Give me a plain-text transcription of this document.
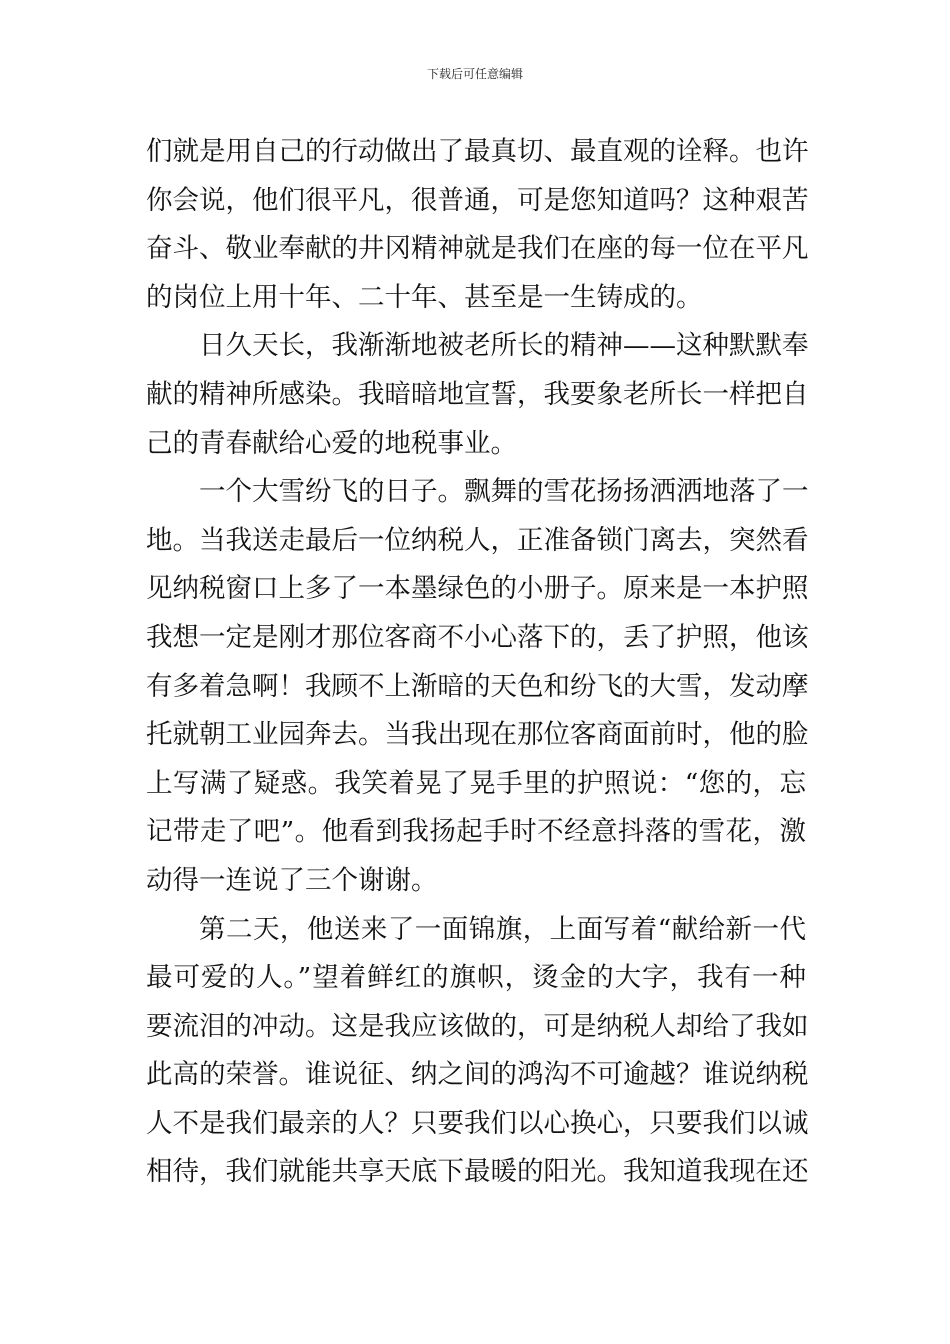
下载后可任意编辑
们就是用自己的行动做出了最真切、最直观的诠释。也许
你会说，他们很平凡，很普通，可是您知道吗？这种艰苦
奋斗、敬业奉献的井冈精神就是我们在座的每一位在平凡
的岗位上用十年、二十年、甚至是一生铸成的。
日久天长，我渐渐地被老所长的精神——这种默默奉
献的精神所感染。我暗暗地宣誓，我要象老所长一样把自
己的青春献给心爱的地税事业。
一个大雪纷飞的日子。飘舞的雪花扬扬洒洒地落了一
地。当我送走最后一位纳税人，正准备锁门离去，突然看
见纳税窗口上多了一本墨绿色的小册子。原来是一本护照
我想一定是刚才那位客商不小心落下的，丢了护照，他该
有多着急啊！我顾不上渐暗的天色和纷飞的大雪，发动摩
托就朝工业园奔去。当我出现在那位客商面前时，他的脸
上写满了疑惑。我笑着晃了晃手里的护照说：“您的，忘
记带走了吧”。他看到我扬起手时不经意抖落的雪花，激
动得一连说了三个谢谢。
第二天，他送来了一面锦旗，上面写着“献给新一代
最可爱的人。”望着鲜红的旗帜，烫金的大字，我有一种
要流泪的冲动。这是我应该做的，可是纳税人却给了我如
此高的荣誉。谁说征、纳之间的鸿沟不可逾越？谁说纳税
人不是我们最亲的人？只要我们以心换心，只要我们以诚
相待，我们就能共享天底下最暖的阳光。我知道我现在还
